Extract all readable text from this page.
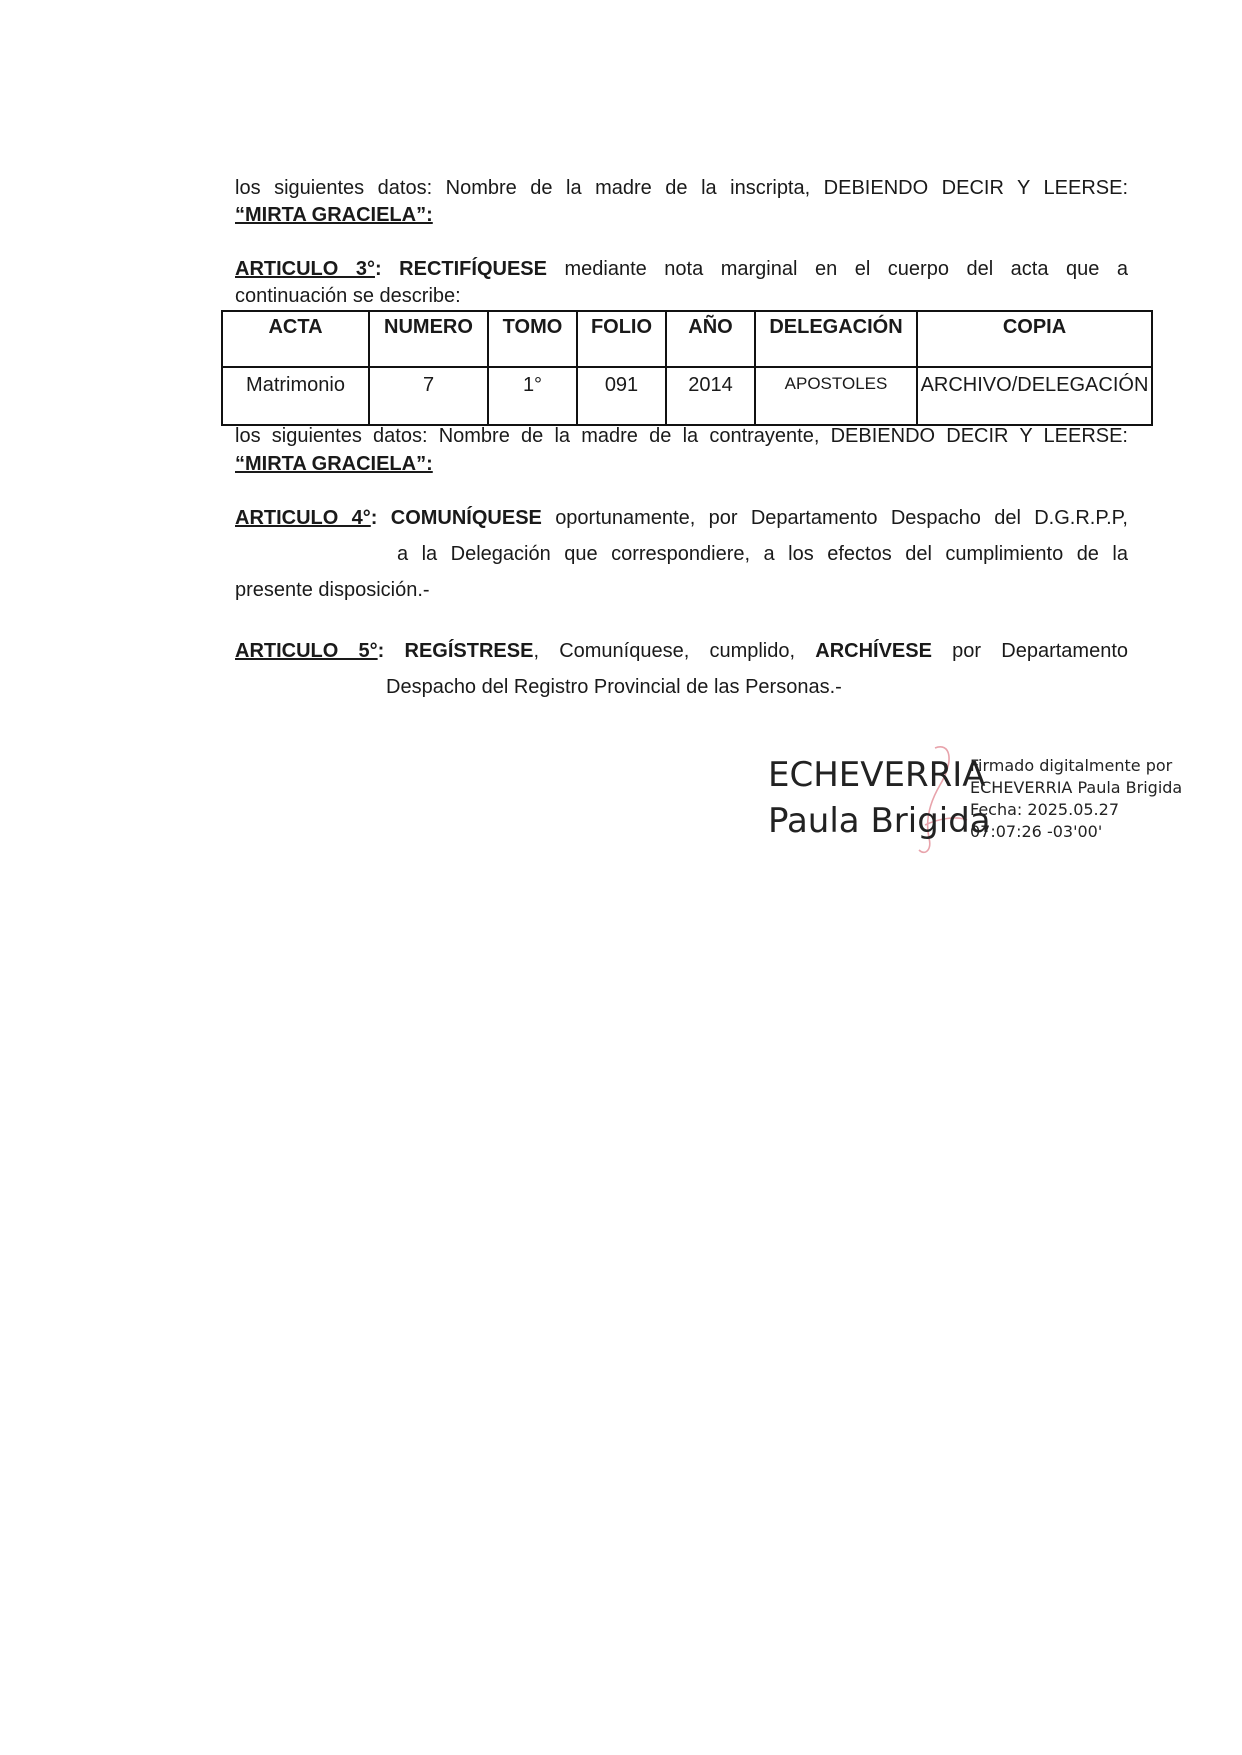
los siguientes datos: Nombre de la madre de la inscripta, DEBIENDO DECIR Y LEERSE:
“MIRTA GRACIELA”:
ARTICULO 3°: RECTIFÍQUESE mediante nota marginal en el cuerpo del acta que a
continuación se describe:
ACTA	NUMERO	TOMO	FOLIO	AÑO	DELEGACIÓN	COPIA
Matrimonio	7	1°	091	2014	APOSTOLES	ARCHIVO/DELEGACIÓN
los siguientes datos: Nombre de la madre de la contrayente, DEBIENDO DECIR Y LEERSE:
“MIRTA GRACIELA”:
ARTICULO 4°: COMUNÍQUESE oportunamente, por Departamento Despacho del D.G.R.P.P,
a la Delegación que correspondiere, a los efectos del cumplimiento de la
presente disposición.-
ARTICULO 5°: REGÍSTRESE, Comuníquese, cumplido, ARCHÍVESE por Departamento
Despacho del Registro Provincial de las Personas.-
ECHEVERRIA
Paula Brigida
Firmado digitalmente por
ECHEVERRIA Paula Brigida
Fecha: 2025.05.27
07:07:26 -03'00'
